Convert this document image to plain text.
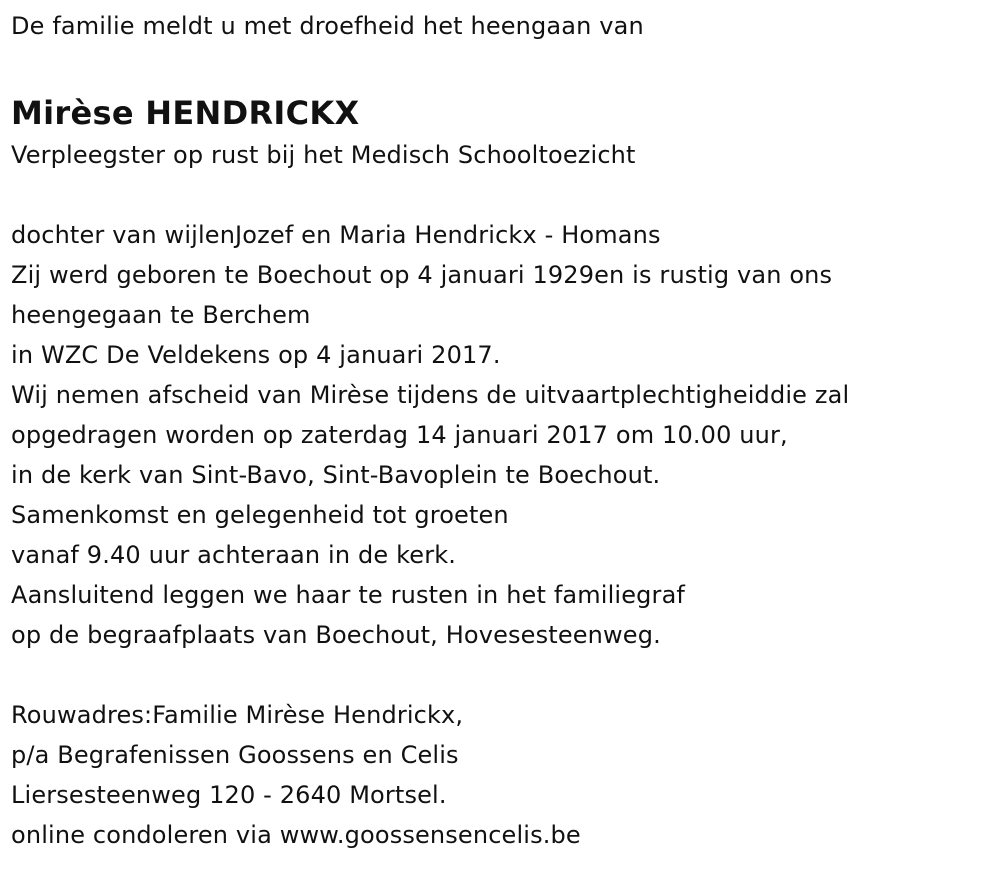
De familie meldt u met droefheid het heengaan van
Mirèse HENDRICKX
Verpleegster op rust bij het Medisch Schooltoezicht
dochter van wijlenJozef en Maria Hendrickx - Homans
Zij werd geboren te Boechout op 4 januari 1929en is rustig van ons
heengegaan te Berchem
in WZC De Veldekens op 4 januari 2017.
Wij nemen afscheid van Mirèse tijdens de uitvaartplechtigheiddie zal
opgedragen worden op zaterdag 14 januari 2017 om 10.00 uur,
in de kerk van Sint-Bavo, Sint-Bavoplein te Boechout.
Samenkomst en gelegenheid tot groeten
vanaf 9.40 uur achteraan in de kerk.
Aansluitend leggen we haar te rusten in het familiegraf
op de begraafplaats van Boechout, Hovesesteenweg.
Rouwadres:Familie Mirèse Hendrickx,
p/a Begrafenissen Goossens en Celis
Liersesteenweg 120 - 2640 Mortsel.
online condoleren via www.goossensencelis.be
